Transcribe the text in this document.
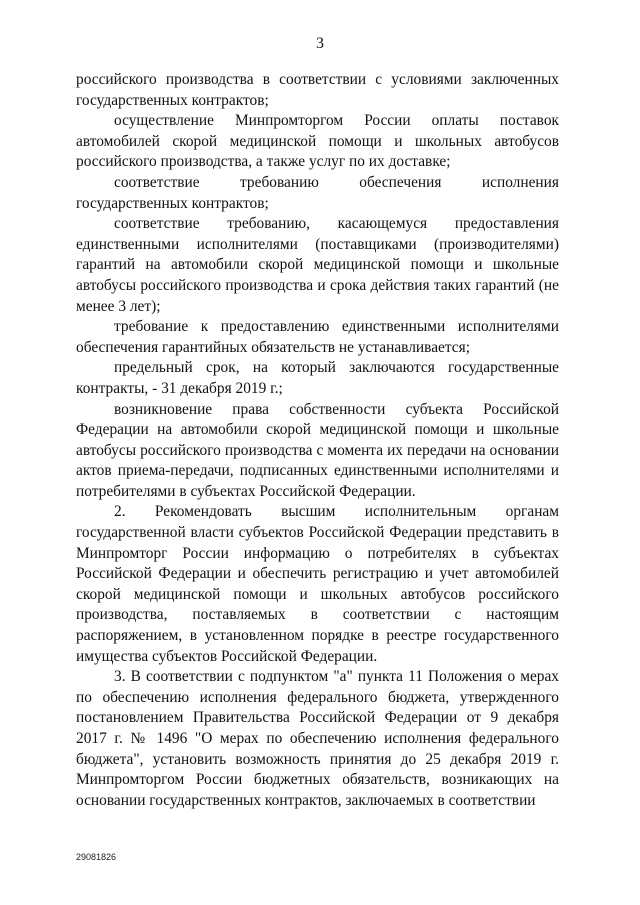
3

российского производства в соответствии с условиями заключенных государственных контрактов;

осуществление Минпромторгом России оплаты поставок автомобилей скорой медицинской помощи и школьных автобусов российского производства, а также услуг по их доставке;

соответствие требованию обеспечения исполнения государственных контрактов;

соответствие требованию, касающемуся предоставления единственными исполнителями (поставщиками (производителями) гарантий на автомобили скорой медицинской помощи и школьные автобусы российского производства и срока действия таких гарантий (не менее 3 лет);

требование к предоставлению единственными исполнителями обеспечения гарантийных обязательств не устанавливается;

предельный срок, на который заключаются государственные контракты, - 31 декабря 2019 г.;

возникновение права собственности субъекта Российской Федерации на автомобили скорой медицинской помощи и школьные автобусы российского производства с момента их передачи на основании актов приема-передачи, подписанных единственными исполнителями и потребителями в субъектах Российской Федерации.

2. Рекомендовать высшим исполнительным органам государственной власти субъектов Российской Федерации представить в Минпромторг России информацию о потребителях в субъектах Российской Федерации и обеспечить регистрацию и учет автомобилей скорой медицинской помощи и школьных автобусов российского производства, поставляемых в соответствии с настоящим распоряжением, в установленном порядке в реестре государственного имущества субъектов Российской Федерации.

3. В соответствии с подпунктом "а" пункта 11 Положения о мерах по обеспечению исполнения федерального бюджета, утвержденного постановлением Правительства Российской Федерации от 9 декабря 2017 г. № 1496 "О мерах по обеспечению исполнения федерального бюджета", установить возможность принятия до 25 декабря 2019 г. Минпромторгом России бюджетных обязательств, возникающих на основании государственных контрактов, заключаемых в соответствии

29081826
